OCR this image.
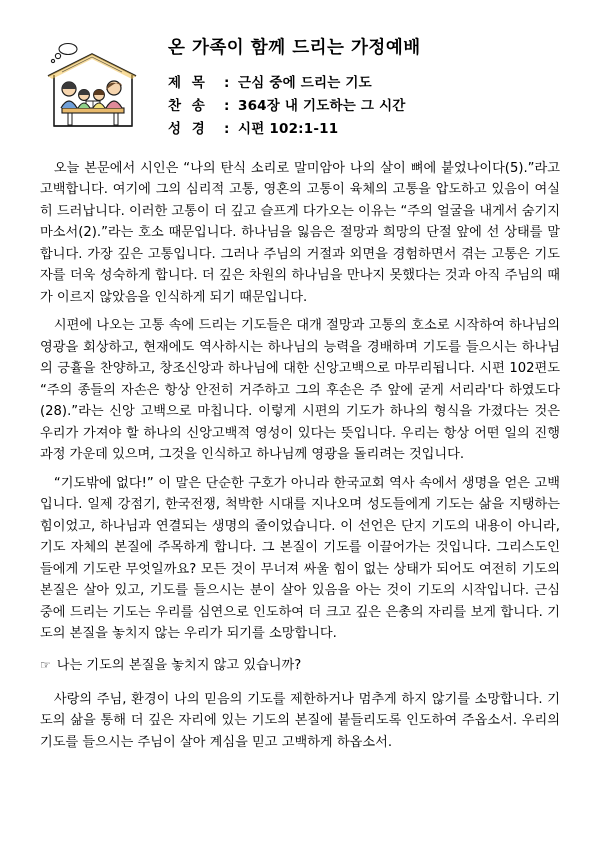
온 가족이 함께 드리는 가정예배
제 목	: 근심 중에 드리는 기도
찬 송	: 364장 내 기도하는 그 시간
성 경	: 시편 102:1-11

오늘 본문에서 시인은 “나의 탄식 소리로 말미암아 나의 살이 뼈에 붙었나이다(5).”라고 고백합니다. 여기에 그의 심리적 고통, 영혼의 고통이 육체의 고통을 압도하고 있음이 여실히 드러납니다. 이러한 고통이 더 깊고 슬프게 다가오는 이유는 “주의 얼굴을 내게서 숨기지 마소서(2).”라는 호소 때문입니다. 하나님을 잃음은 절망과 희망의 단절 앞에 선 상태를 말합니다. 가장 깊은 고통입니다. 그러나 주님의 거절과 외면을 경험하면서 겪는 고통은 기도자를 더욱 성숙하게 합니다. 더 깊은 차원의 하나님을 만나지 못했다는 것과 아직 주님의 때가 이르지 않았음을 인식하게 되기 때문입니다.

시편에 나오는 고통 속에 드리는 기도들은 대개 절망과 고통의 호소로 시작하여 하나님의 영광을 회상하고, 현재에도 역사하시는 하나님의 능력을 경배하며 기도를 들으시는 하나님의 긍휼을 찬양하고, 창조신앙과 하나님에 대한 신앙고백으로 마무리됩니다. 시편 102편도 “주의 종들의 자손은 항상 안전히 거주하고 그의 후손은 주 앞에 굳게 서리라'다 하였도다(28).”라는 신앙 고백으로 마칩니다. 이렇게 시편의 기도가 하나의 형식을 가졌다는 것은 우리가 가져야 할 하나의 신앙고백적 영성이 있다는 뜻입니다. 우리는 항상 어떤 일의 진행 과정 가운데 있으며, 그것을 인식하고 하나님께 영광을 돌리려는 것입니다.

“기도밖에 없다!” 이 말은 단순한 구호가 아니라 한국교회 역사 속에서 생명을 얻은 고백입니다. 일제 강점기, 한국전쟁, 척박한 시대를 지나오며 성도들에게 기도는 삶을 지탱하는 힘이었고, 하나님과 연결되는 생명의 줄이었습니다. 이 선언은 단지 기도의 내용이 아니라, 기도 자체의 본질에 주목하게 합니다. 그 본질이 기도를 이끌어가는 것입니다. 그리스도인들에게 기도란 무엇일까요? 모든 것이 무너져 싸울 힘이 없는 상태가 되어도 여전히 기도의 본질은 살아 있고, 기도를 들으시는 분이 살아 있음을 아는 것이 기도의 시작입니다. 근심 중에 드리는 기도는 우리를 심연으로 인도하여 더 크고 깊은 은총의 자리를 보게 합니다. 기도의 본질을 놓치지 않는 우리가 되기를 소망합니다.

☞ 나는 기도의 본질을 놓치지 않고 있습니까?

사랑의 주님, 환경이 나의 믿음의 기도를 제한하거나 멈추게 하지 않기를 소망합니다. 기도의 삶을 통해 더 깊은 자리에 있는 기도의 본질에 붙들리도록 인도하여 주옵소서. 우리의 기도를 들으시는 주님이 살아 계심을 믿고 고백하게 하옵소서.
